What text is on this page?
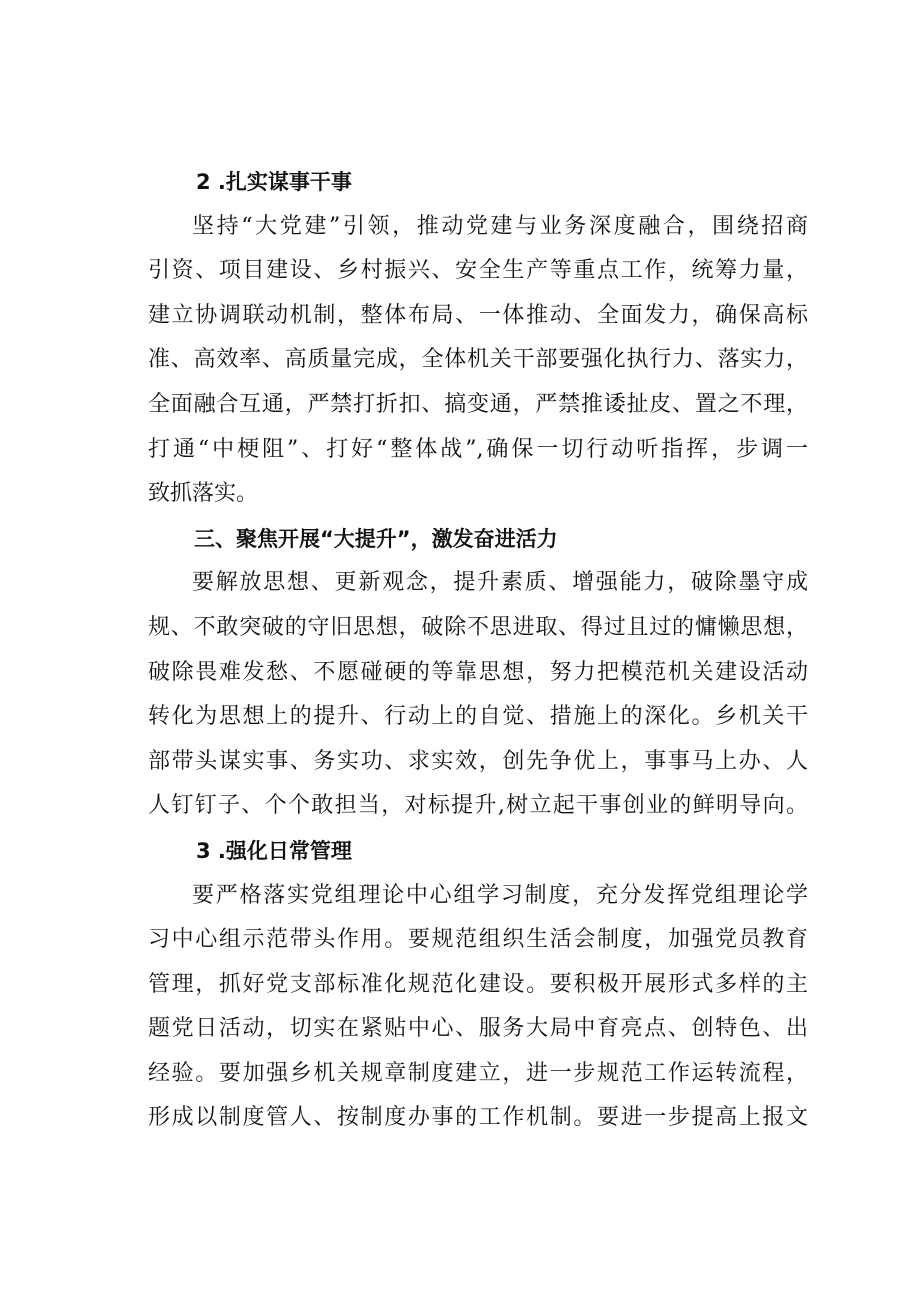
2 .扎实谋事干事
坚持“大党建”引领，推动党建与业务深度融合，围绕招商
引资、项目建设、乡村振兴、安全生产等重点工作，统筹力量，
建立协调联动机制，整体布局、一体推动、全面发力，确保高标
准、高效率、高质量完成，全体机关干部要强化执行力、落实力，
全面融合互通，严禁打折扣、搞变通，严禁推诿扯皮、置之不理，
打通“中梗阻”、打好“整体战”,确保一切行动听指挥，步调一
致抓落实。
三、聚焦开展“大提升”，激发奋进活力
要解放思想、更新观念，提升素质、增强能力，破除墨守成
规、不敢突破的守旧思想，破除不思进取、得过且过的慵懒思想，
破除畏难发愁、不愿碰硬的等靠思想，努力把模范机关建设活动
转化为思想上的提升、行动上的自觉、措施上的深化。乡机关干
部带头谋实事、务实功、求实效，创先争优上，事事马上办、人
人钉钉子、个个敢担当，对标提升,树立起干事创业的鲜明导向。
3 .强化日常管理
要严格落实党组理论中心组学习制度，充分发挥党组理论学
习中心组示范带头作用。要规范组织生活会制度，加强党员教育
管理，抓好党支部标准化规范化建设。要积极开展形式多样的主
题党日活动，切实在紧贴中心、服务大局中育亮点、创特色、出
经验。要加强乡机关规章制度建立，进一步规范工作运转流程，
形成以制度管人、按制度办事的工作机制。要进一步提高上报文
